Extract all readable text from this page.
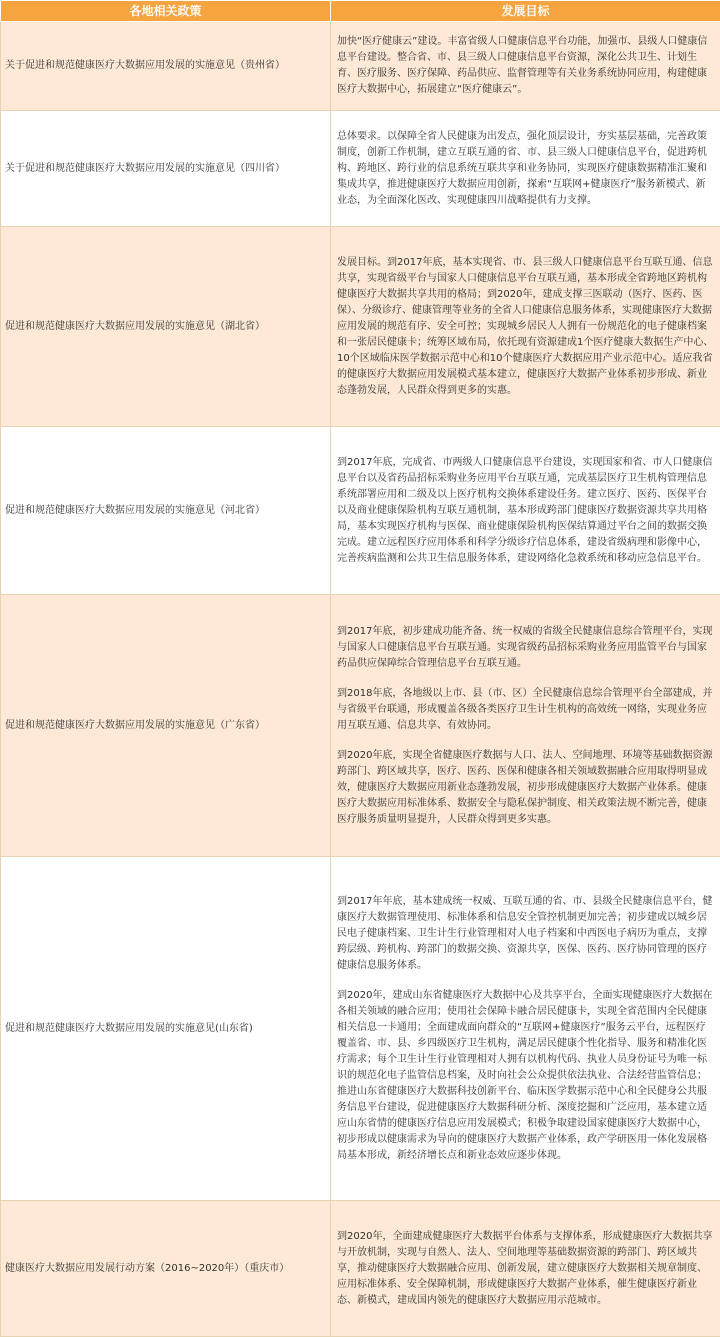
各地相关政策	发展目标
关于促进和规范健康医疗大数据应用发展的实施意见（贵州省）	加快“医疗健康云”建设。丰富省级人口健康信息平台功能，加强市、县级人口健康信息平台建设。整合省、市、县三级人口健康信息平台资源，深化公共卫生、计划生育、医疗服务、医疗保障、药品供应、监督管理等有关业务系统协同应用，构建健康医疗大数据中心，拓展建立“医疗健康云”。

关于促进和规范健康医疗大数据应用发展的实施意见（四川省）	总体要求。以保障全省人民健康为出发点，强化顶层设计，夯实基层基础，完善政策制度，创新工作机制，建立互联互通的省、市、县三级人口健康信息平台，促进跨机构、跨地区、跨行业的信息系统互联共享和业务协同，实现医疗健康数据精准汇聚和集成共享，推进健康医疗大数据应用创新，探索“互联网+健康医疗”服务新模式、新业态，为全面深化医改、实现健康四川战略提供有力支撑。

促进和规范健康医疗大数据应用发展的实施意见（湖北省）	发展目标。到2017年底，基本实现省、市、县三级人口健康信息平台互联互通、信息共享，实现省级平台与国家人口健康信息平台互联互通，基本形成全省跨地区跨机构健康医疗大数据共享共用的格局；到2020年，建成支撑三医联动（医疗、医药、医保）、分级诊疗、健康管理等业务的全省人口健康信息服务体系，实现健康医疗大数据应用发展的规范有序、安全可控；实现城乡居民人人拥有一份规范化的电子健康档案和一张居民健康卡；统筹区域布局，依托现有资源建成1个医疗健康大数据生产中心、10个区域临床医学数据示范中心和10个健康医疗大数据应用产业示范中心。适应我省的健康医疗大数据应用发展模式基本建立，健康医疗大数据产业体系初步形成、新业态蓬勃发展，人民群众得到更多的实惠。

促进和规范健康医疗大数据应用发展的实施意见（河北省）	到2017年底，完成省、市两级人口健康信息平台建设，实现国家和省、市人口健康信息平台以及省药品招标采购业务应用平台互联互通，完成基层医疗卫生机构管理信息系统部署应用和二级及以上医疗机构交换体系建设任务。建立医疗、医药、医保平台以及商业健康保险机构互联互通机制，基本形成跨部门健康医疗数据资源共享共用格局，基本实现医疗机构与医保、商业健康保险机构医保结算通过平台之间的数据交换完成。建立远程医疗应用体系和科学分级诊疗信息体系，建设省级病理和影像中心，完善疾病监测和公共卫生信息服务体系，建设网络化急救系统和移动应急信息平台。

促进和规范健康医疗大数据应用发展的实施意见（广东省）	到2017年底，初步建成功能齐备、统一权威的省级全民健康信息综合管理平台，实现与国家人口健康信息平台互联互通。实现省级药品招标采购业务应用监管平台与国家药品供应保障综合管理信息平台互联互通。

到2018年底，各地级以上市、县（市、区）全民健康信息综合管理平台全部建成，并与省级平台联通，形成覆盖各级各类医疗卫生计生机构的高效统一网络，实现业务应用互联互通、信息共享、有效协同。

到2020年底，实现全省健康医疗数据与人口、法人、空间地理、环境等基础数据资源跨部门、跨区域共享，医疗、医药、医保和健康各相关领域数据融合应用取得明显成效，健康医疗大数据应用新业态蓬勃发展，初步形成健康医疗大数据产业体系。健康医疗大数据应用标准体系、数据安全与隐私保护制度、相关政策法规不断完善，健康医疗服务质量明显提升，人民群众得到更多实惠。

促进和规范健康医疗大数据应用发展的实施意见(山东省)	到2017年年底，基本建成统一权威、互联互通的省、市、县级全民健康信息平台，健康医疗大数据管理使用、标准体系和信息安全管控机制更加完善；初步建成以城乡居民电子健康档案、卫生计生行业管理相对人电子档案和中西医电子病历为重点，支撑跨层级、跨机构、跨部门的数据交换、资源共享，医保、医药、医疗协同管理的医疗健康信息服务体系。

到2020年，建成山东省健康医疗大数据中心及共享平台，全面实现健康医疗大数据在各相关领域的融合应用；使用社会保障卡融合居民健康卡，实现全省范围内全民健康相关信息一卡通用；全面建成面向群众的“互联网+健康医疗”服务云平台，远程医疗覆盖省、市、县、乡四级医疗卫生机构，满足居民健康个性化指导、服务和精准化医疗需求；每个卫生计生行业管理相对人拥有以机构代码、执业人员身份证号为唯一标识的规范化电子监管信息档案，及时向社会公众提供依法执业、合法经营监管信息；推进山东省健康医疗大数据科技创新平台、临床医学数据示范中心和全民健身公共服务信息平台建设，促进健康医疗大数据科研分析、深度挖掘和广泛应用，基本建立适应山东省情的健康医疗信息应用发展模式；积极争取建设国家健康医疗大数据中心，初步形成以健康需求为导向的健康医疗大数据产业体系，政产学研医用一体化发展格局基本形成，新经济增长点和新业态效应逐步体现。

健康医疗大数据应用发展行动方案（2016~2020年）（重庆市）	到2020年，全面建成健康医疗大数据平台体系与支撑体系，形成健康医疗大数据共享与开放机制，实现与自然人、法人、空间地理等基础数据资源的跨部门、跨区域共享，推动健康医疗大数据融合应用、创新发展，建立健康医疗大数据相关规章制度、应用标准体系、安全保障机制，形成健康医疗大数据产业体系，催生健康医疗新业态、新模式，建成国内领先的健康医疗大数据应用示范城市。
